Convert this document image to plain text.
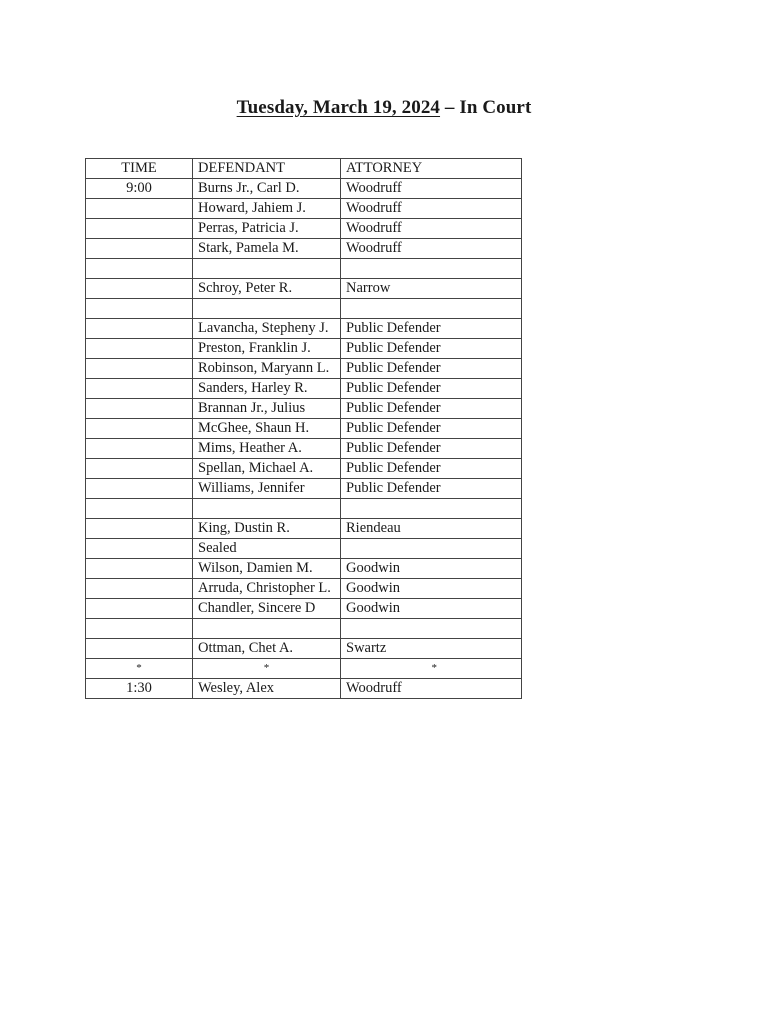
Tuesday, March 19, 2024 – In Court
TIME	DEFENDANT	ATTORNEY
9:00	Burns Jr., Carl D.	Woodruff
	Howard, Jahiem J.	Woodruff
	Perras, Patricia J.	Woodruff
	Stark, Pamela M.	Woodruff

	Schroy, Peter R.	Narrow

	Lavancha, Stepheny J.	Public Defender
	Preston, Franklin J.	Public Defender
	Robinson, Maryann L.	Public Defender
	Sanders, Harley R.	Public Defender
	Brannan Jr., Julius	Public Defender
	McGhee, Shaun H.	Public Defender
	Mims, Heather A.	Public Defender
	Spellan, Michael A.	Public Defender
	Williams, Jennifer	Public Defender

	King, Dustin R.	Riendeau
	Sealed	
	Wilson, Damien M.	Goodwin
	Arruda, Christopher L.	Goodwin
	Chandler, Sincere D	Goodwin

	Ottman, Chet A.	Swartz
*	*	*
1:30	Wesley, Alex	Woodruff
